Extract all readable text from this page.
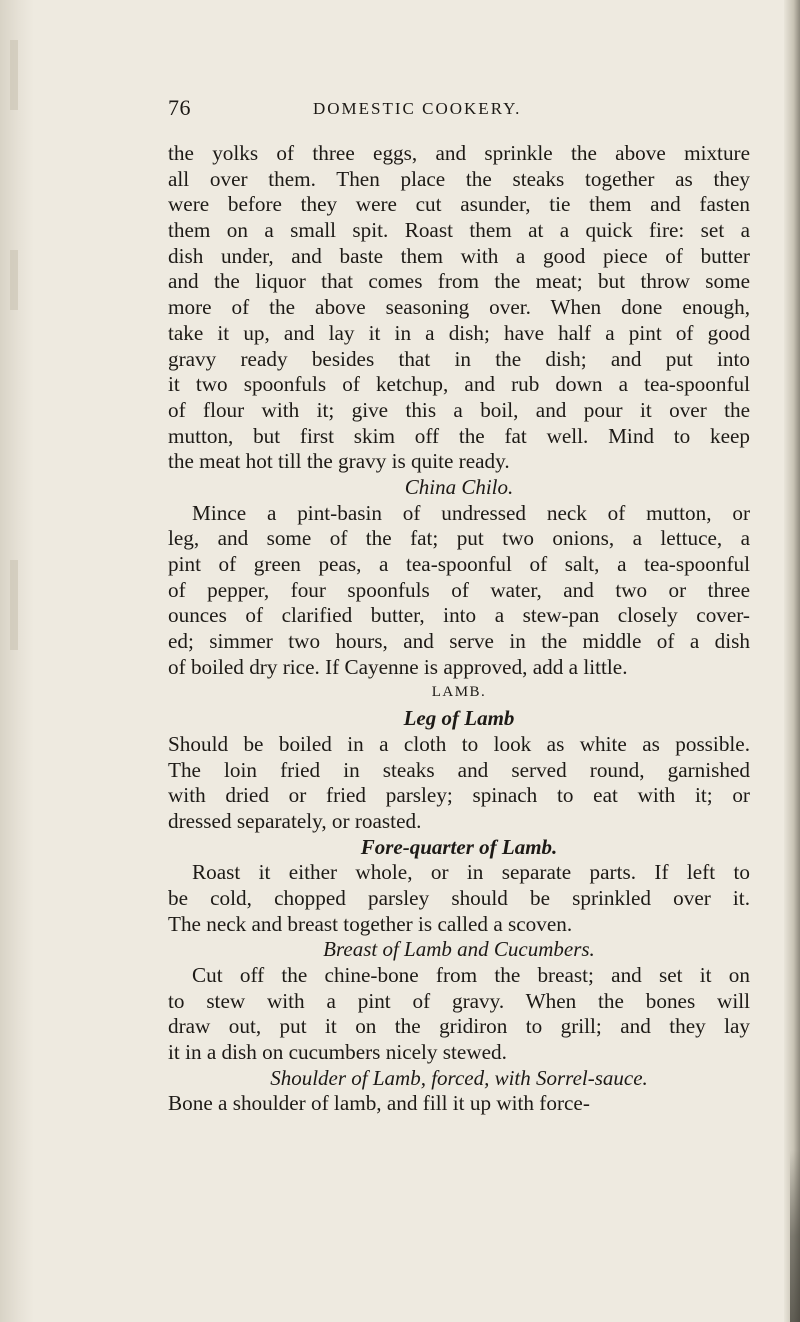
76	DOMESTIC COOKERY.
the yolks of three eggs, and sprinkle the above mixture
all over them. Then place the steaks together as they
were before they were cut asunder, tie them and fasten
them on a small spit. Roast them at a quick fire: set a
dish under, and baste them with a good piece of butter
and the liquor that comes from the meat; but throw some
more of the above seasoning over. When done enough,
take it up, and lay it in a dish; have half a pint of good
gravy ready besides that in the dish; and put into
it two spoonfuls of ketchup, and rub down a tea-spoonful
of flour with it; give this a boil, and pour it over the
mutton, but first skim off the fat well. Mind to keep
the meat hot till the gravy is quite ready.
China Chilo.
Mince a pint-basin of undressed neck of mutton, or
leg, and some of the fat; put two onions, a lettuce, a
pint of green peas, a tea-spoonful of salt, a tea-spoonful
of pepper, four spoonfuls of water, and two or three
ounces of clarified butter, into a stew-pan closely cover-
ed; simmer two hours, and serve in the middle of a dish
of boiled dry rice. If Cayenne is approved, add a little.
LAMB.
Leg of Lamb
Should be boiled in a cloth to look as white as possible.
The loin fried in steaks and served round, garnished
with dried or fried parsley; spinach to eat with it; or
dressed separately, or roasted.
Fore-quarter of Lamb.
Roast it either whole, or in separate parts. If left to
be cold, chopped parsley should be sprinkled over it.
The neck and breast together is called a scoven.
Breast of Lamb and Cucumbers.
Cut off the chine-bone from the breast; and set it on
to stew with a pint of gravy. When the bones will
draw out, put it on the gridiron to grill; and they lay
it in a dish on cucumbers nicely stewed.
Shoulder of Lamb, forced, with Sorrel-sauce.
Bone a shoulder of lamb, and fill it up with force-
